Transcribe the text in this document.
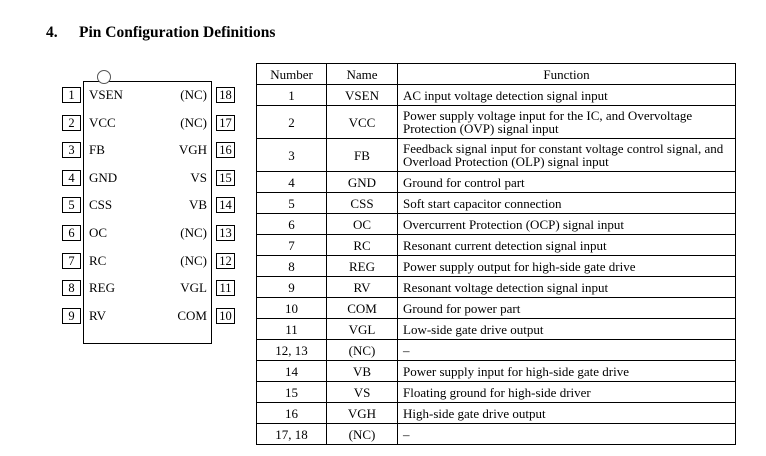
4. Pin Configuration Definitions
1	VSEN
2	VCC
3	FB
4	GND
5	CSS
6	OC
7	RC
8	REG
9	RV
18
(NC)
17
(NC)
16
VGH
15
VS
14
VB
13
(NC)
12
(NC)
11
VGL
10
COM
Number	Name	Function
1	VSEN	AC input voltage detection signal input
2	VCC	Power supply voltage input for the IC, and Overvoltage Protection (OVP) signal input
3	FB	Feedback signal input for constant voltage control signal, and Overload Protection (OLP) signal input
4	GND	Ground for control part
5	CSS	Soft start capacitor connection
6	OC	Overcurrent Protection (OCP) signal input
7	RC	Resonant current detection signal input
8	REG	Power supply output for high-side gate drive
9	RV	Resonant voltage detection signal input
10	COM	Ground for power part
11	VGL	Low-side gate drive output
12, 13	(NC)	–
14	VB	Power supply input for high-side gate drive
15	VS	Floating ground for high-side driver
16	VGH	High-side gate drive output
17, 18	(NC)	–
